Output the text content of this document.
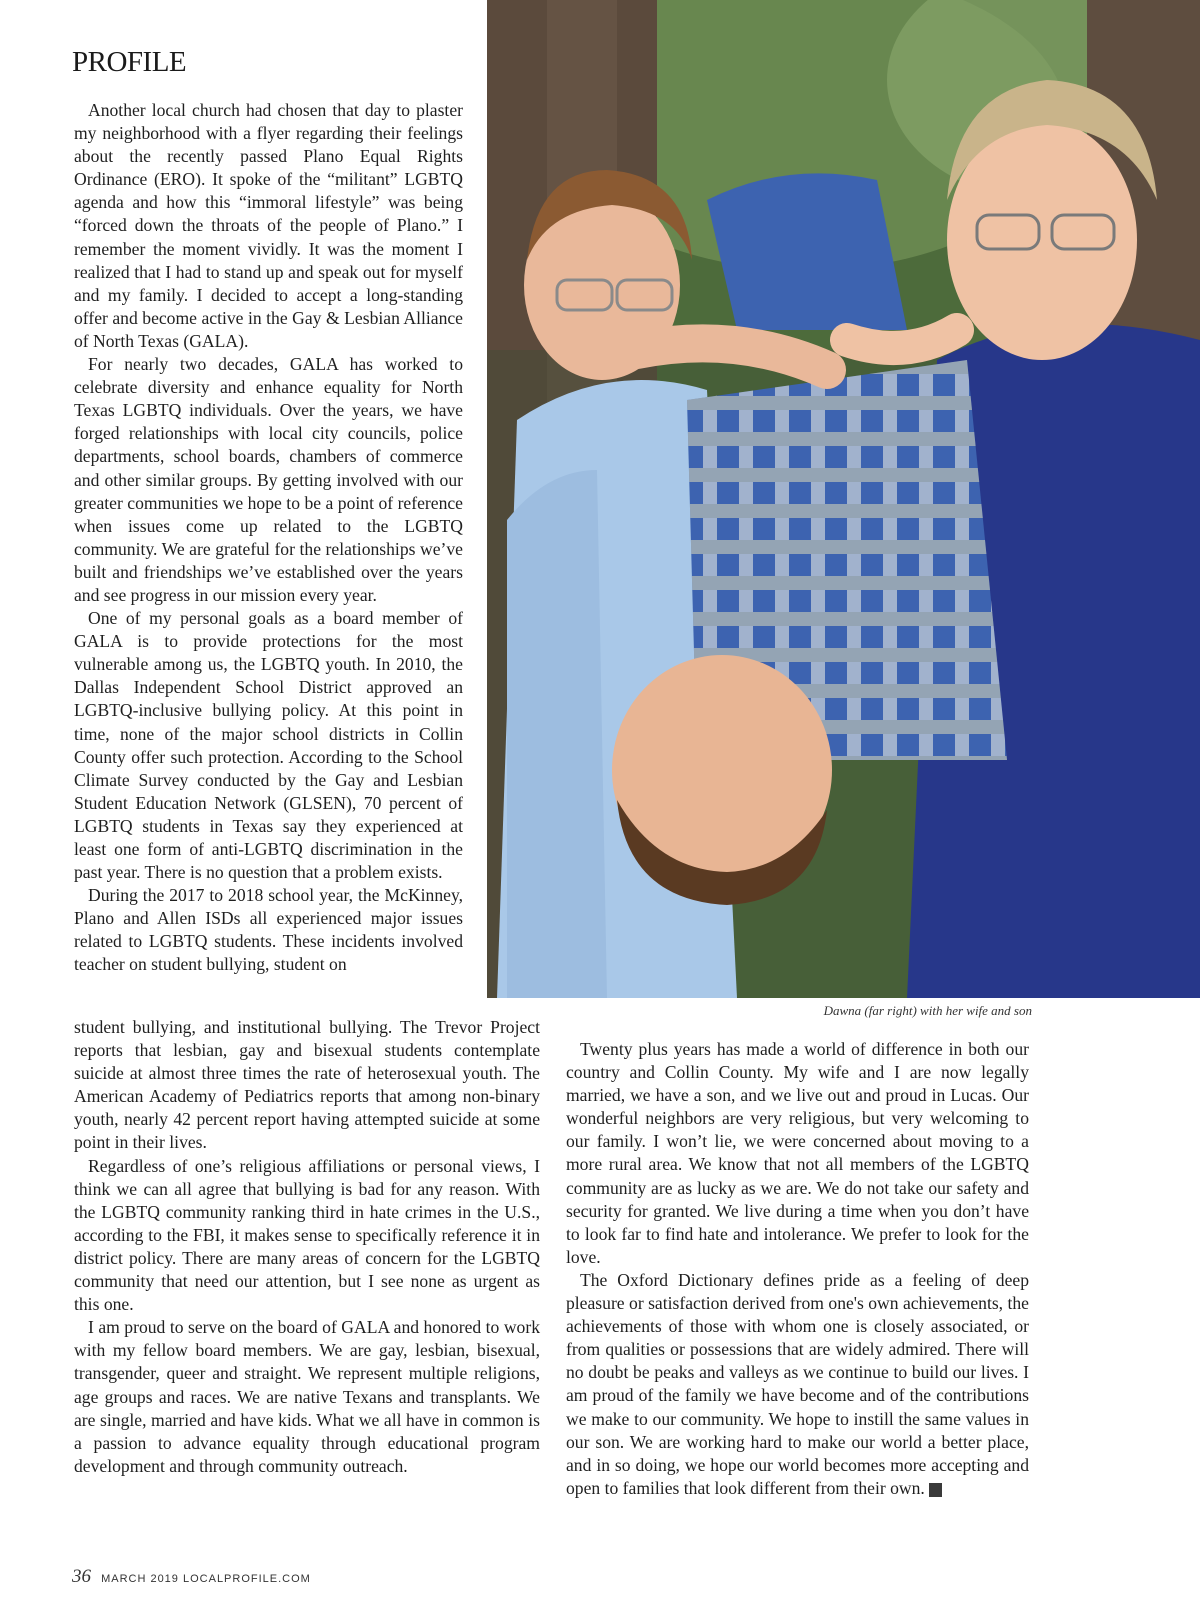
PROFILE

Another local church had chosen that day to plaster my neighborhood with a flyer regarding their feelings about the recently passed Plano Equal Rights Ordinance (ERO). It spoke of the “militant” LGBTQ agenda and how this “immoral lifestyle” was being “forced down the throats of the people of Plano.” I remember the moment vividly. It was the moment I realized that I had to stand up and speak out for myself and my family. I decided to accept a long-standing offer and become active in the Gay & Lesbian Alliance of North Texas (GALA).

For nearly two decades, GALA has worked to celebrate diversity and enhance equality for North Texas LGBTQ individuals. Over the years, we have forged relationships with local city councils, police departments, school boards, chambers of commerce and other similar groups. By getting involved with our greater communities we hope to be a point of reference when issues come up related to the LGBTQ community. We are grateful for the relationships we’ve built and friendships we’ve established over the years and see progress in our mission every year.

One of my personal goals as a board member of GALA is to provide protections for the most vulnerable among us, the LGBTQ youth. In 2010, the Dallas Independent School District approved an LGBTQ-inclusive bullying policy. At this point in time, none of the major school districts in Collin County offer such protection. According to the School Climate Survey conducted by the Gay and Lesbian Student Education Network (GLSEN), 70 percent of LGBTQ students in Texas say they experienced at least one form of anti-LGBTQ discrimination in the past year. There is no question that a problem exists.

During the 2017 to 2018 school year, the McKinney, Plano and Allen ISDs all experienced major issues related to LGBTQ students. These incidents involved teacher on student bullying, student on

student bullying, and institutional bullying. The Trevor Project reports that lesbian, gay and bisexual students contemplate suicide at almost three times the rate of heterosexual youth. The American Academy of Pediatrics reports that among non-binary youth, nearly 42 percent report having attempted suicide at some point in their lives.

Regardless of one’s religious affiliations or personal views, I think we can all agree that bullying is bad for any reason. With the LGBTQ community ranking third in hate crimes in the U.S., according to the FBI, it makes sense to specifically reference it in district policy. There are many areas of concern for the LGBTQ community that need our attention, but I see none as urgent as this one.

I am proud to serve on the board of GALA and honored to work with my fellow board members. We are gay, lesbian, bisexual, transgender, queer and straight. We represent multiple religions, age groups and races. We are native Texans and transplants. We are single, married and have kids. What we all have in common is a passion to advance equality through educational program development and through community outreach.

Twenty plus years has made a world of difference in both our country and Collin County. My wife and I are now legally married, we have a son, and we live out and proud in Lucas. Our wonderful neighbors are very religious, but very welcoming to our family. I won’t lie, we were concerned about moving to a more rural area. We know that not all members of the LGBTQ community are as lucky as we are. We do not take our safety and security for granted. We live during a time when you don’t have to look far to find hate and intolerance. We prefer to look for the love.

The Oxford Dictionary defines pride as a feeling of deep pleasure or satisfaction derived from one's own achievements, the achievements of those with whom one is closely associated, or from qualities or possessions that are widely admired. There will no doubt be peaks and valleys as we continue to build our lives. I am proud of the family we have become and of the contributions we make to our community. We hope to instill the same values in our son. We are working hard to make our world a better place, and in so doing, we hope our world becomes more accepting and open to families that look different from their own. L

Dawna (far right) with her wife and son
36 MARCH 2019 LOCALPROFILE.COM
